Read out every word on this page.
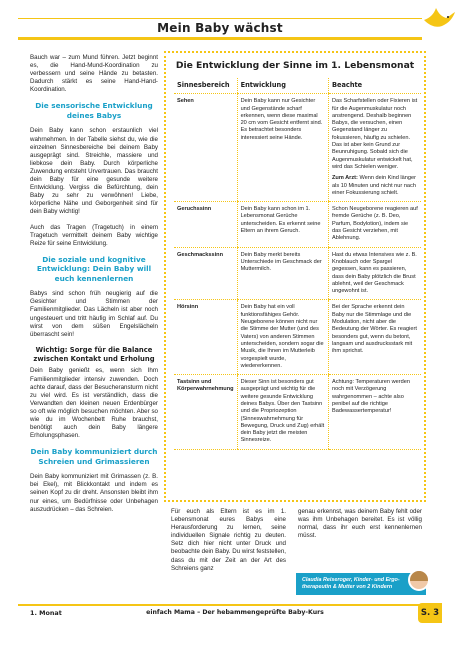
Mein Baby wächst

Bauch war – zum Mund führen. Jetzt beginnt es, die Hand-Mund-Koordination zu verbessern und seine Hände zu betasten. Dadurch stärkt es seine Hand-Hand-Koordination.

Die sensorische Entwicklung deines Babys

Dein Baby kann schon erstaunlich viel wahrnehmen. In der Tabelle siehst du, wie die einzelnen Sinnesbereiche bei deinem Baby ausgeprägt sind. Streichle, massiere und liebkose dein Baby. Durch körperliche Zuwendung entsteht Urvertrauen. Das braucht dein Baby für eine gesunde weitere Entwicklung. Vergiss die Befürchtung, dein Baby zu sehr zu verwöhnen! Liebe, körperliche Nähe und Geborgenheit sind für dein Baby wichtig!

Auch das Tragen (Tragetuch) in einem Tragetuch vermittelt deinem Baby wichtige Reize für seine Entwicklung.

Die soziale und kognitive Entwicklung: Dein Baby will euch kennenlernen

Babys sind schon früh neugierig auf die Gesichter und Stimmen der Familienmitglieder. Das Lächeln ist aber noch ungesteuert und tritt häufig im Schlaf auf. Du wirst von dem süßen Engelslächeln überrascht sein!

Wichtig: Sorge für die Balance zwischen Kontakt und Erholung

Dein Baby genießt es, wenn sich Ihm Familienmitglieder intensiv zuwenden. Doch achte darauf, dass der Besucheransturm nicht zu viel wird. Es ist verständlich, dass die Verwandten den kleinen neuen Erdenbürger so oft wie möglich besuchen möchten. Aber so wie du im Wochenbett Ruhe brauchst, benötigt auch dein Baby längere Erholungsphasen.

Dein Baby kommuniziert durch Schreien und Grimassieren

Dein Baby kommuniziert mit Grimassen (z. B. bei Ekel), mit Blickkontakt und indem es seinen Kopf zu dir dreht. Ansonsten bleibt ihm nur eines, um Bedürfnisse oder Unbehagen auszudrücken – das Schreien.

Die Entwicklung der Sinne im 1. Lebensmonat
Sinnesbereich	Entwicklung	Beachte
Sehen	Dein Baby kann nur Gesichter und Gegenstände scharf erkennen, wenn diese maximal 20 cm vom Gesicht entfernt sind. Es betrachtet besonders interessiert seine Hände.	Das Scharfstellen oder Fixieren ist für die Augenmuskulatur noch anstrengend. Deshalb beginnen Babys, die versuchen, einen Gegenstand länger zu fokussieren, häufig zu schielen. Das ist aber kein Grund zur Beunruhigung. Sobald sich die Augenmuskulatur entwickelt hat, wird das Schielen weniger.
Zum Arzt: Wenn dein Kind länger als 10 Minuten und nicht nur nach einer Fokussierung schielt.

Geruchssinn	Dein Baby kann schon im 1. Lebensmonat Gerüche unterscheiden. Es erkennt seine Eltern an ihrem Geruch.	Schon Neugeborene reagieren auf fremde Gerüche (z. B. Deo, Parfum, Bodylotion), indem sie das Gesicht verziehen, mit Ablehnung.
Geschmackssinn	Dein Baby merkt bereits Unterschiede im Geschmack der Muttermilch.	Hast du etwas Intensives wie z. B. Knoblauch oder Spargel gegessen, kann es passieren, dass dein Baby plötzlich die Brust ablehnt, weil der Geschmack ungewohnt ist.
Hörsinn	Dein Baby hat ein voll funktionsfähiges Gehör. Neugeborene können nicht nur die Stimme der Mutter (und des Vaters) von anderen Stimmen unterscheiden, sondern sogar die Musik, die Ihnen im Mutterleib vorgespielt wurde, wiedererkennen.	Bei der Sprache erkennt dein Baby nur die Stimmlage und die Modulation, nicht aber die Bedeutung der Wörter. Es reagiert besonders gut, wenn du betont, langsam und ausdrucksstark mit ihm sprichst.
Tastsinn und Körperwahrnehmung	Dieser Sinn ist besonders gut ausgeprägt und wichtig für die weitere gesunde Entwicklung deines Babys. Über den Tastsinn und die Propriozeption (Sinneswahrnehmung für Bewegung, Druck und Zug) erhält dein Baby jetzt die meisten Sinnesreize.	Achtung: Temperaturen werden noch mit Verzögerung wahrgenommen – achte also penibel auf die richtige Badewassertemperatur!
Für euch als Eltern ist es im 1. Lebensmonat eures Babys eine Herausforderung zu lernen, seine individuellen Signale richtig zu deuten. Setz dich hier nicht unter Druck und beobachte dein Baby. Du wirst feststellen, dass du mit der Zeit an der Art des Schreiens ganz
genau erkennst, was deinem Baby fehlt oder was ihm Unbehagen bereitet. Es ist völlig normal, dass ihr euch erst kennenlernen müsst.
Claudia Reiseroger, Kinder- und Ergo-
therapeutin & Mutter von 2 Kindern
1. Monat	einfach Mama – Der hebammengeprüfte Baby-Kurs	S. 3
